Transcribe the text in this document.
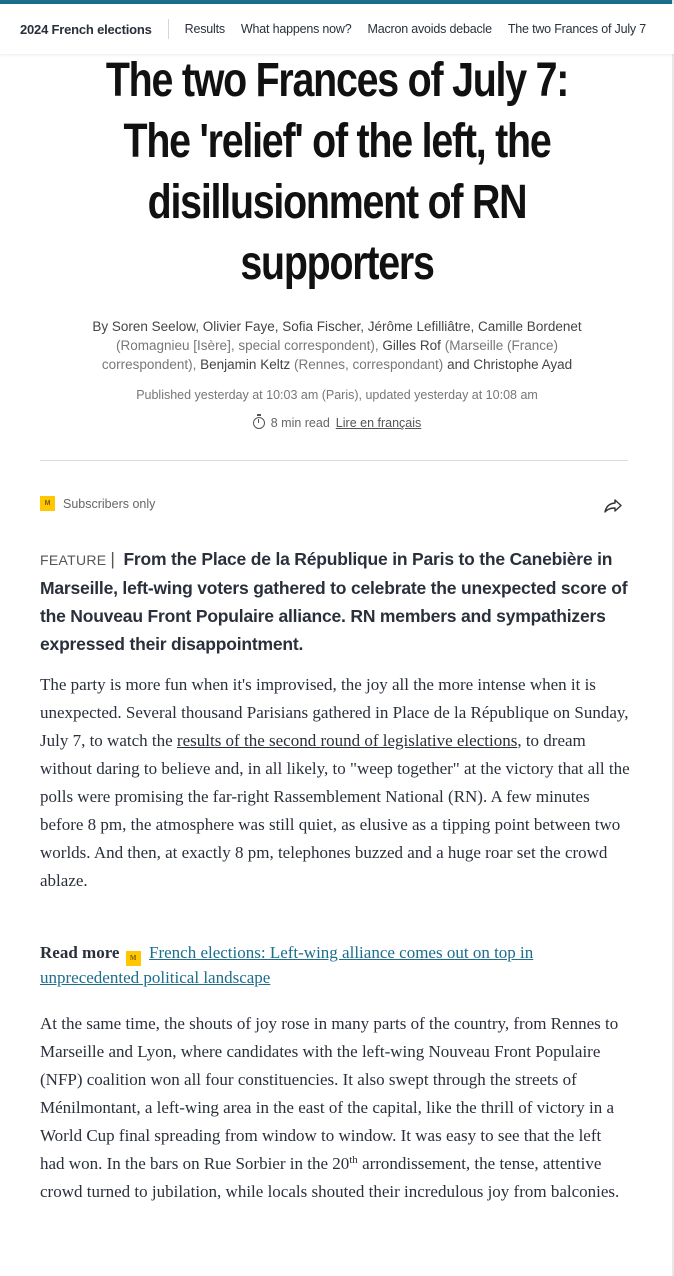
2024 French elections	Results What happens now? Macron avoids debacle The two Frances of July 7
The two Frances of July 7: The 'relief' of the left, the disillusionment of RN supporters

By Soren Seelow, Olivier Faye, Sofia Fischer, Jérôme Lefilliâtre, Camille Bordenet (Romagnieu [Isère], special correspondent), Gilles Rof (Marseille (France) correspondent), Benjamin Keltz (Rennes, correspondant) and Christophe Ayad

Published yesterday at 10:03 am (Paris), updated yesterday at 10:08 am

8 min read Lire en français
M	Subscribers only

FEATURE | From the Place de la République in Paris to the Canebière in Marseille, left-wing voters gathered to celebrate the unexpected score of the Nouveau Front Populaire alliance. RN members and sympathizers expressed their disappointment.

The party is more fun when it's improvised, the joy all the more intense when it is unexpected. Several thousand Parisians gathered in Place de la République on Sunday, July 7, to watch the results of the second round of legislative elections, to dream without daring to believe and, in all likely, to "weep together" at the victory that all the polls were promising the far-right Rassemblement National (RN). A few minutes before 8 pm, the atmosphere was still quiet, as elusive as a tipping point between two worlds. And then, at exactly 8 pm, telephones buzzed and a huge roar set the crowd ablaze.

Read more M French elections: Left-wing alliance comes out on top in unprecedented political landscape

At the same time, the shouts of joy rose in many parts of the country, from Rennes to Marseille and Lyon, where candidates with the left-wing Nouveau Front Populaire (NFP) coalition won all four constituencies. It also swept through the streets of Ménilmontant, a left-wing area in the east of the capital, like the thrill of victory in a World Cup final spreading from window to window. It was easy to see that the left had won. In the bars on Rue Sorbier in the 20th arrondissement, the tense, attentive crowd turned to jubilation, while locals shouted their incredulous joy from balconies.
